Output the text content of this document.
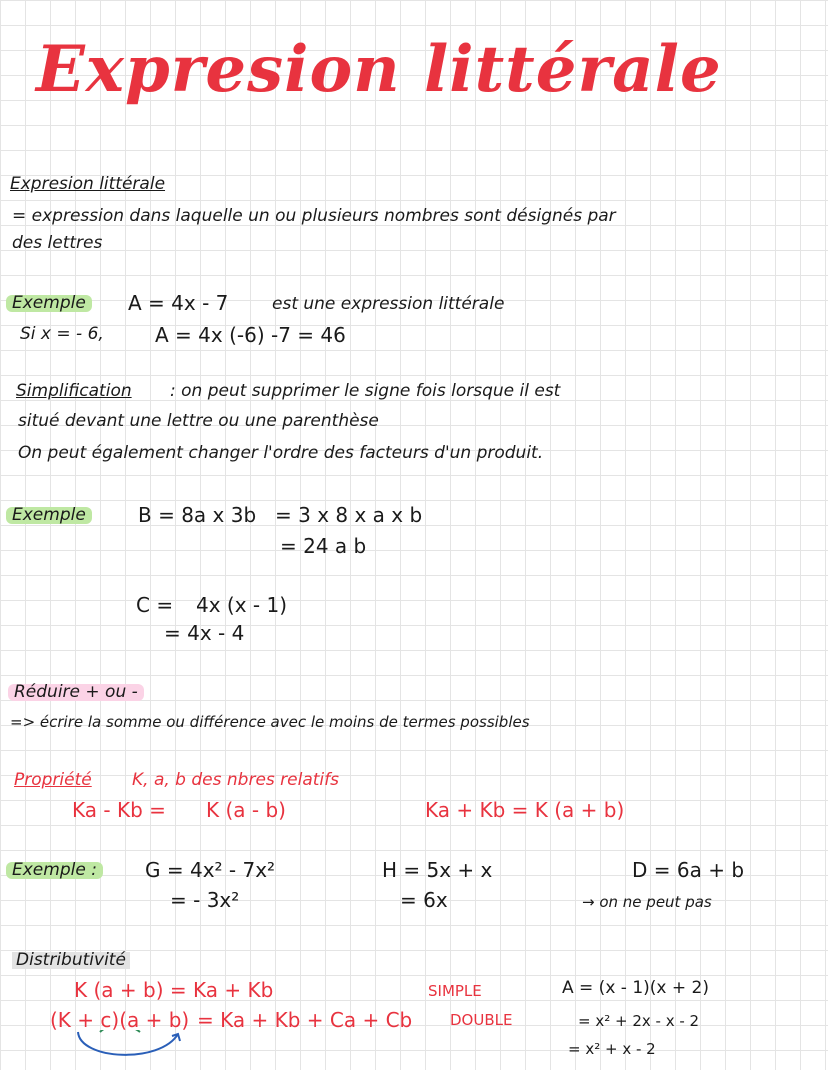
Expresion littérale
Expresion littérale
= expression dans laquelle un ou plusieurs nombres sont désignés par
des lettres
Exemple	A = 4x - 7	est une expression littérale
Si x = - 6,	A = 4x (-6) -7 = 46
Simplification : on peut supprimer le signe fois lorsque il est
situé devant une lettre ou une parenthèse
On peut également changer l'ordre des facteurs d'un produit.
Exemple	B = 8a x 3b = 3 x 8 x a x b
= 24 a b
C = 4x (x - 1)
= 4x - 4
Réduire + ou -
=> écrire la somme ou différence avec le moins de termes possibles
Propriété K, a, b des nbres relatifs
Ka - Kb = K (a - b)	Ka + Kb = K (a + b)
Exemple :	G = 4x² - 7x²
= - 3x²
H = 5x + x
= 6x
D = 6a + b
→ on ne peut pas
Distributivité
K (a + b) = Ka + Kb	SIMPLE
(K + c)(a + b) = Ka + Kb + Ca + Cb	DOUBLE
A = (x - 1)(x + 2)
= x² + 2x - x - 2
= x² + x - 2
